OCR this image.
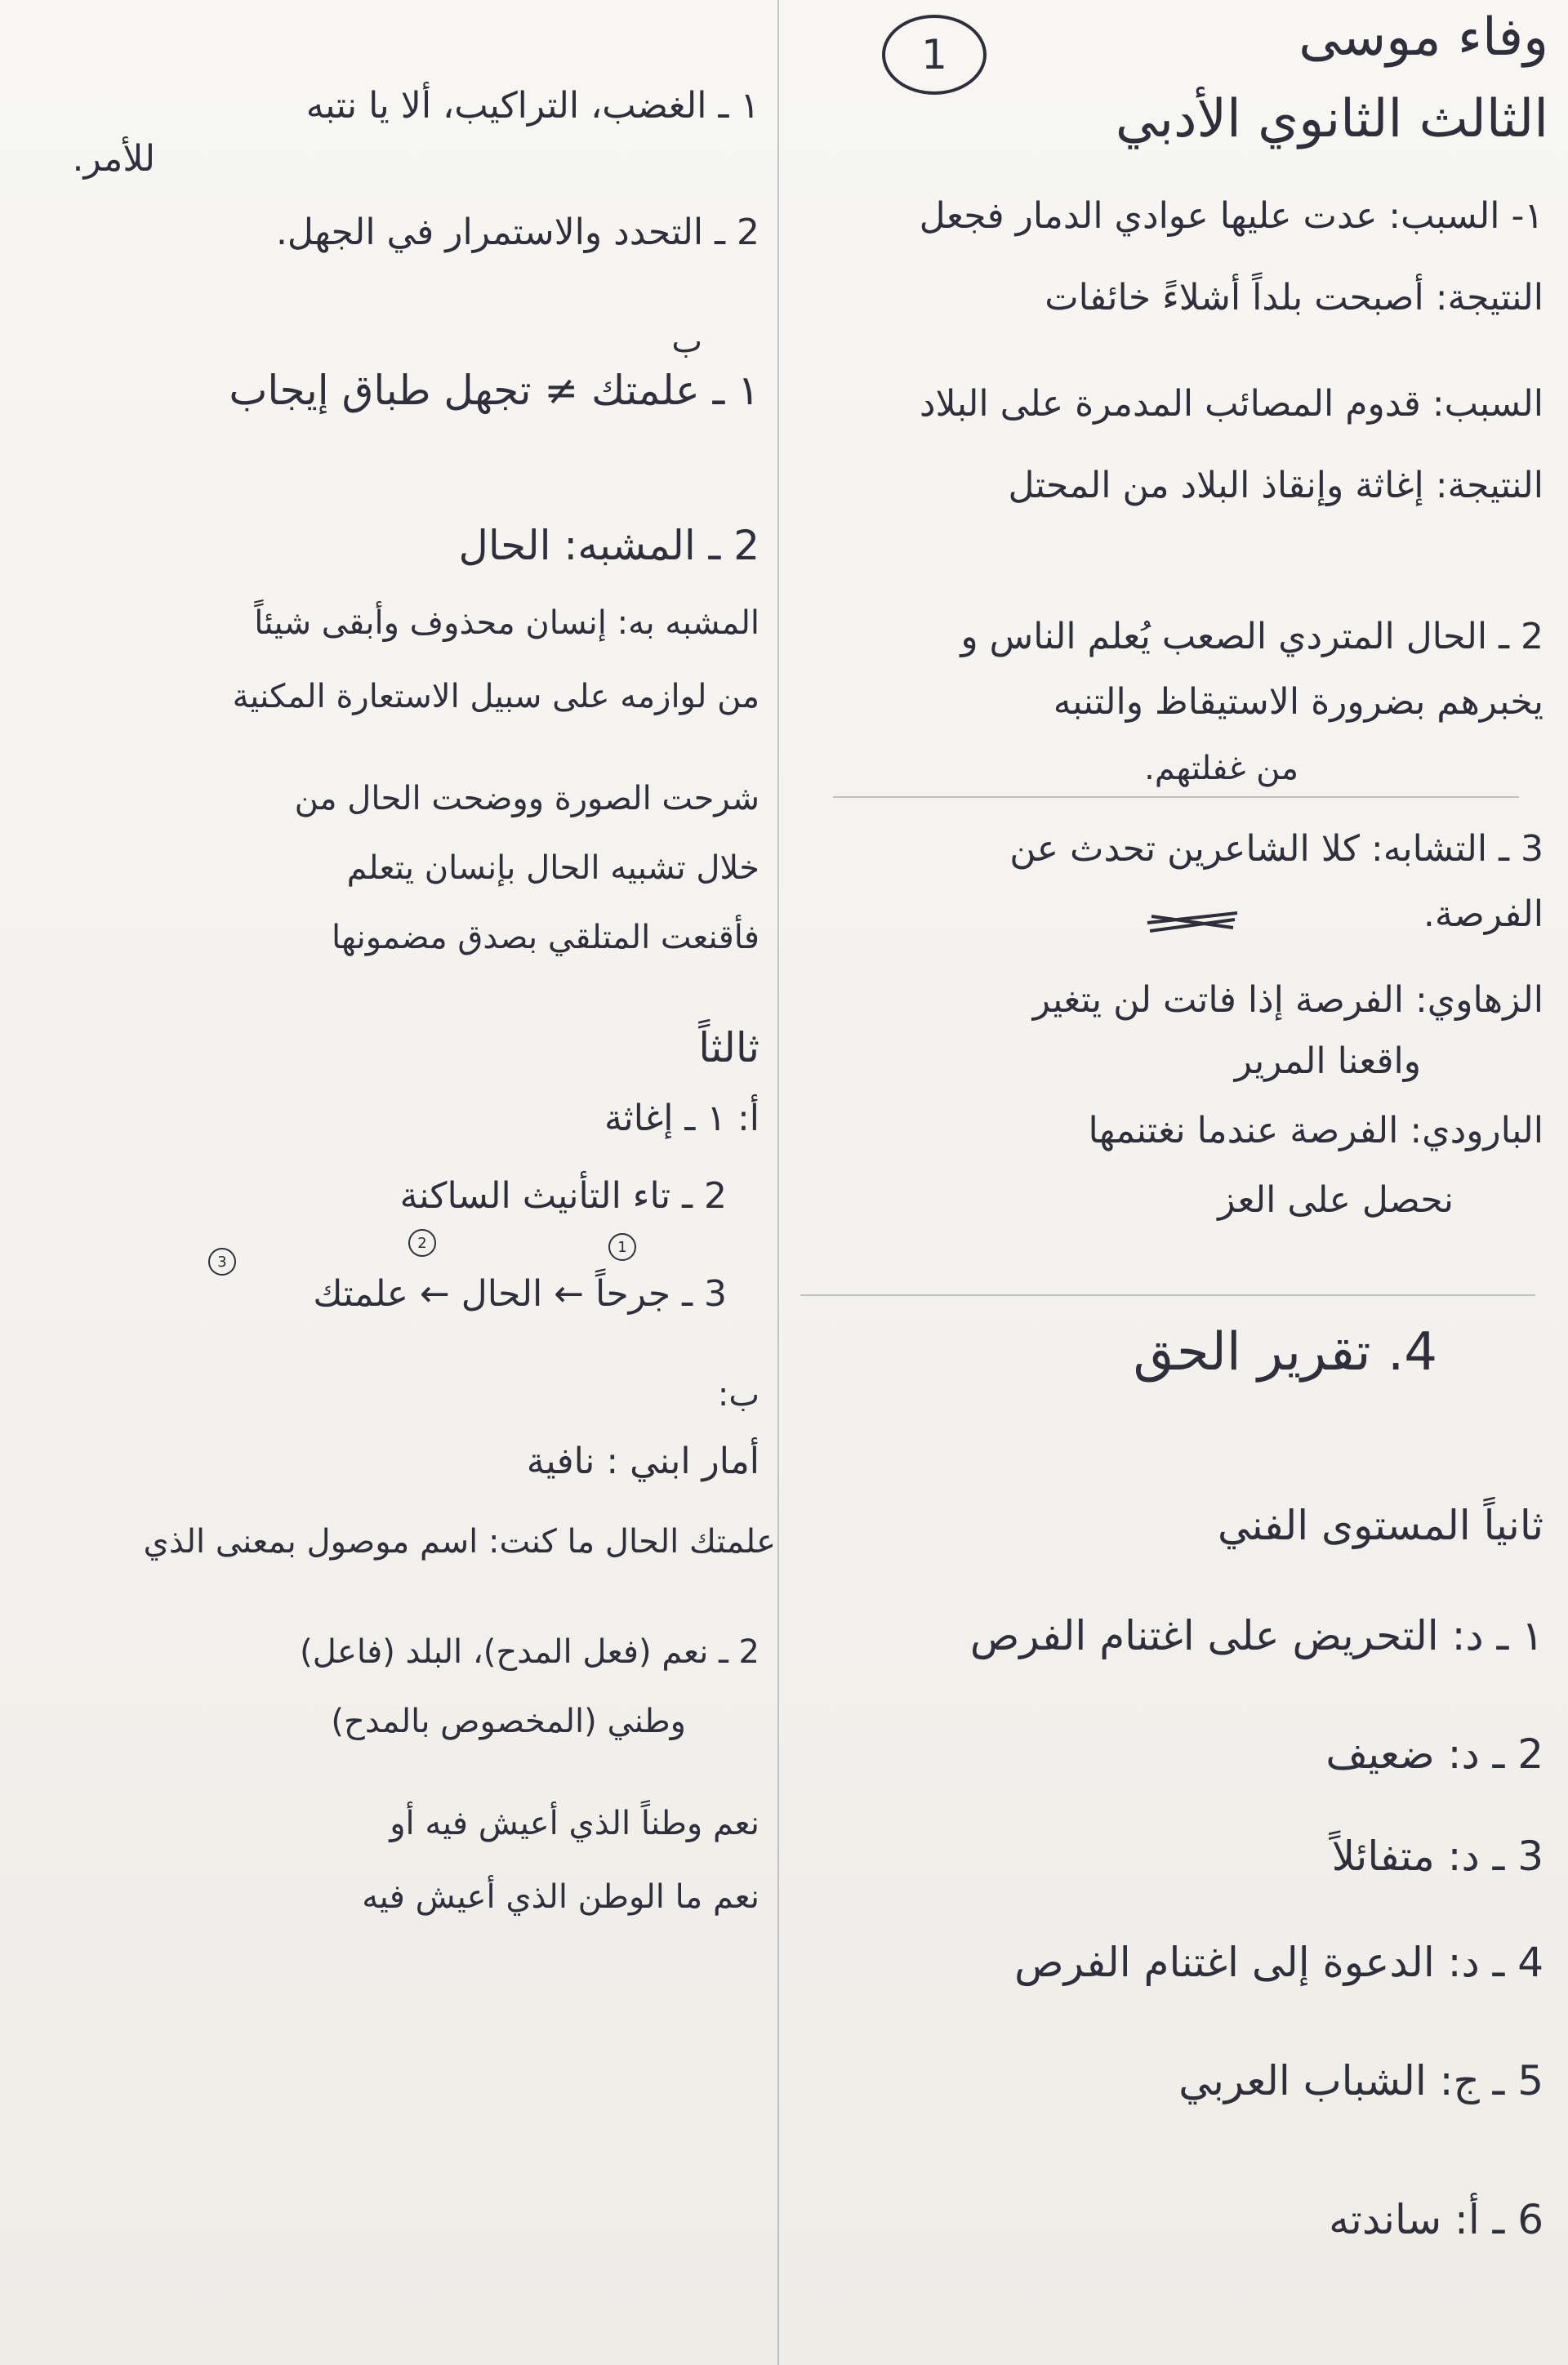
1	وفاء موسى
الثالث الثانوي الأدبي
١- السبب: عدت عليها عوادي الدمار فجعل
النتيجة: أصبحت بلداً أشلاءً خائفات
السبب: قدوم المصائب المدمرة على البلاد
النتيجة: إغاثة وإنقاذ البلاد من المحتل
2 ـ الحال المتردي الصعب يُعلم الناس و
يخبرهم بضرورة الاستيقاظ والتنبه
من غفلتهم.
3 ـ التشابه: كلا الشاعرين تحدث عن
الفرصة.
الزهاوي: الفرصة إذا فاتت لن يتغير
واقعنا المرير
البارودي: الفرصة عندما نغتنمها
نحصل على العز
4. تقرير الحق
ثانياً المستوى الفني
١ ـ د: التحريض على اغتنام الفرص
2 ـ د: ضعيف
3 ـ د: متفائلاً
4 ـ د: الدعوة إلى اغتنام الفرص
5 ـ ج: الشباب العربي
6 ـ أ: ساندته
١ ـ الغضب، التراكيب، ألا يا نتبه
للأمر.
2 ـ التحدد والاستمرار في الجهل.
ب
١ ـ علمتك ≠ تجهل طباق إيجاب
2 ـ المشبه: الحال
المشبه به: إنسان محذوف وأبقى شيئاً
من لوازمه على سبيل الاستعارة المكنية
شرحت الصورة ووضحت الحال من
خلال تشبيه الحال بإنسان يتعلم
فأقنعت المتلقي بصدق مضمونها
ثالثاً
أ: ١ ـ إغاثة
2 ـ تاء التأنيث الساكنة
3
2	1
3 ـ جرحاً ← الحال ← علمتك
ب:
أمار ابني : نافية
علمتك الحال ما كنت: اسم موصول بمعنى الذي
2 ـ نعم (فعل المدح)، البلد (فاعل)
وطني (المخصوص بالمدح)
نعم وطناً الذي أعيش فيه أو
نعم ما الوطن الذي أعيش فيه
